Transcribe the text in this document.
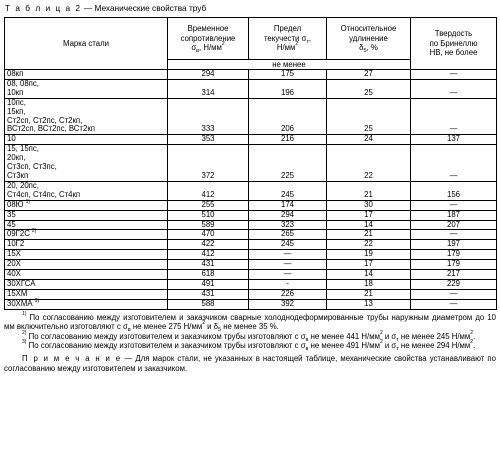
Т а б л и ц а 2 — Механические свойства труб
Марка стали	Временное
сопротивление
$\sigma_в$, $Н/мм^2$	Предел
текучести $\sigma_т$,
$Н/мм^2$	Относительное
удлинение
$\delta_5$, %	Твердость
по Бринеллю
НВ, не более
	не менее			
08кп	294	175	27	—
08, 08пс,
10кп	314	196	25	—
10пс,
15кп,
Ст2сп, Ст2пс, Ст2кп,
ВСт2сп, ВСт2пс, ВСт2кп	333	206	25	—
10	353	216	24	137
15, 15пс,
20кп,
Ст3сп, Ст3пс,
Ст3кп	372	225	22	—
20, 20пс,
Ст4сп, Ст4пс, Ст4кп	412	245	21	156
08Ю $^{1)}$	255	174	30	—
35	510	294	17	187
45	589	323	14	207
09Г2С $^{2)}$	470	265	21	—
10Г2	422	245	22	197
15Х	412	—	19	179
20Х	431	—	17	179
40Х	618	—	14	217
30ХГСА	491	-	18	229
15ХМ	431	226	21	—
30ХМА $^{3)}$	588	392	13	—

$^{1)}$ По согласованию между изготовителем и заказчиком сварные холоднодеформированные трубы наружным диаметром до 10 мм включительно изготовляют с $\sigma_в$ не менее 275 $Н/мм^2$ и $\delta_5$ не менее 35 %.

$^{2)}$ По согласованию между изготовителем и заказчиком трубы изготовляют с $\sigma_в$ не менее 441 $Н/мм^2$ и $\sigma_т$ не менее 245 $Н/мм^2$.

$^{3)}$ По согласованию между изготовителем и заказчиком трубы изготовляют с $\sigma_в$ не менее 491 $Н/мм^2$ и $\sigma_т$ не менее 294 $Н/мм^2$.

П р и м е ч а н и е — Для марок стали, не указанных в настоящей таблице, механические свойства устанавливают по согласованию между изготовителем и заказчиком.
